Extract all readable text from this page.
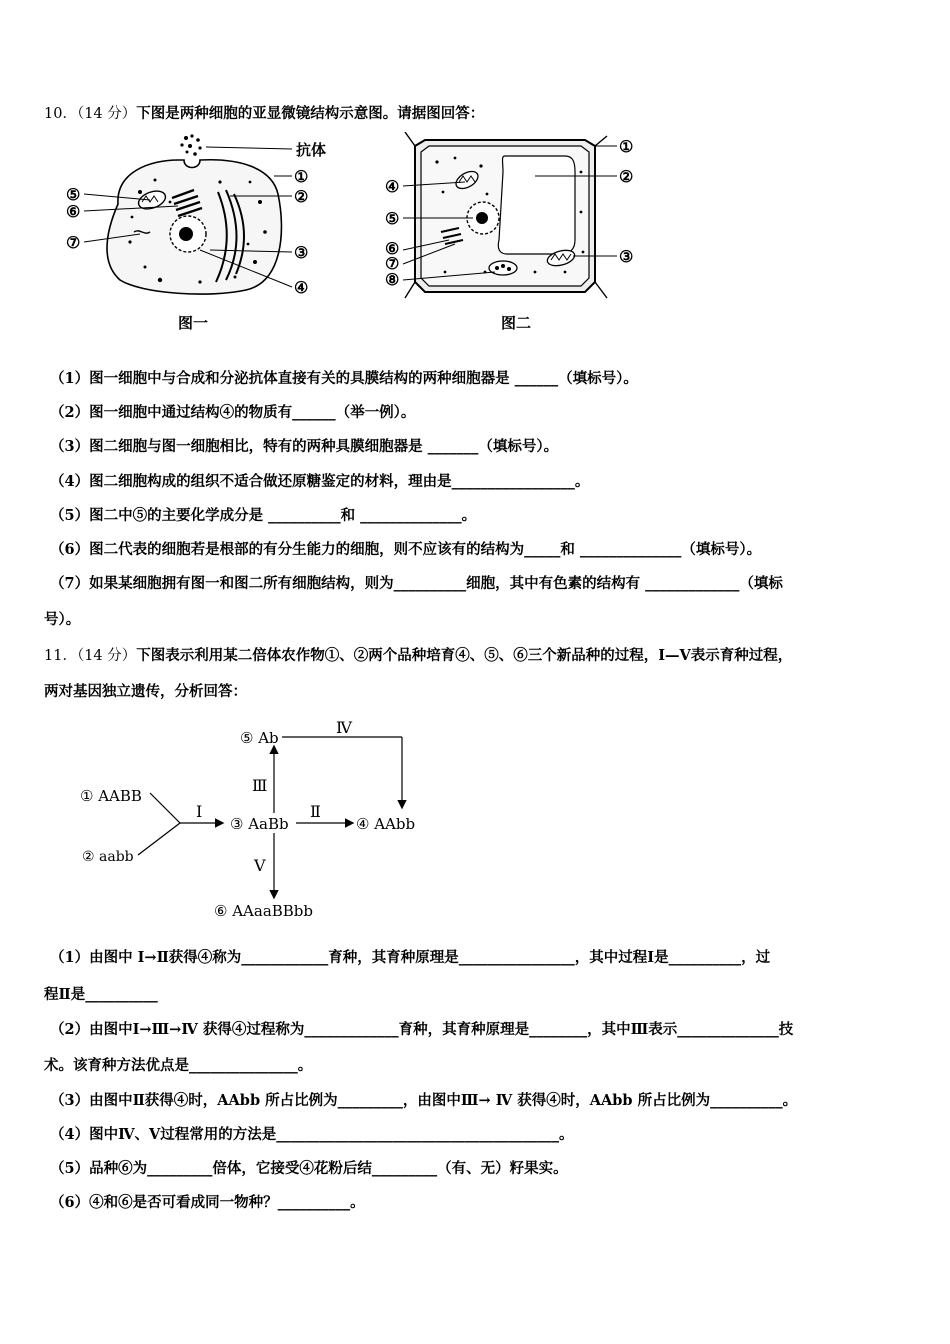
10．（14 分）下图是两种细胞的亚显微镜结构示意图。请据图回答：
抗体
⑤
⑥
⑦
①
②
③
④
图一
①
②
③
④
⑤
⑥
⑦
⑧
图二
（1）图一细胞中与合成和分泌抗体直接有关的具膜结构的两种细胞器是 ______（填标号）。
（2）图一细胞中通过结构④的物质有______（举一例）。
（3）图二细胞与图一细胞相比，特有的两种具膜细胞器是 _______（填标号）。
（4）图二细胞构成的组织不适合做还原糖鉴定的材料，理由是_________________。
（5）图二中⑤的主要化学成分是 __________和 ______________。
（6）图二代表的细胞若是根部的有分生能力的细胞，则不应该有的结构为_____和 ______________（填标号）。
（7）如果某细胞拥有图一和图二所有细胞结构，则为__________细胞，其中有色素的结构有 _____________（填标
号）。
11．（14 分）下图表示利用某二倍体农作物①、②两个品种培育④、⑤、⑥三个新品种的过程，Ⅰ—Ⅴ表示育种过程，
两对基因独立遗传，分析回答：
① AABB
② aabb
③ AaBb	④ AAbb
⑤ Ab
⑥ AAaaBBbb
Ⅰ	Ⅱ
Ⅲ
Ⅳ
Ⅴ
（1）由图中 Ⅰ→Ⅱ获得④称为____________育种，其育种原理是________________，其中过程Ⅰ是__________，过
程Ⅱ是__________
（2）由图中Ⅰ→Ⅲ→Ⅳ 获得④过程称为_____________育种，其育种原理是________，其中Ⅲ表示______________技
术。该育种方法优点是_______________。
（3）由图中Ⅱ获得④时，AAbb 所占比例为_________，由图中Ⅲ→ Ⅳ 获得④时，AAbb 所占比例为__________。
（4）图中Ⅳ、Ⅴ过程常用的方法是_______________________________________。
（5）品种⑥为_________倍体，它接受④花粉后结_________（有、无）籽果实。
（6）④和⑥是否可看成同一物种？__________。
